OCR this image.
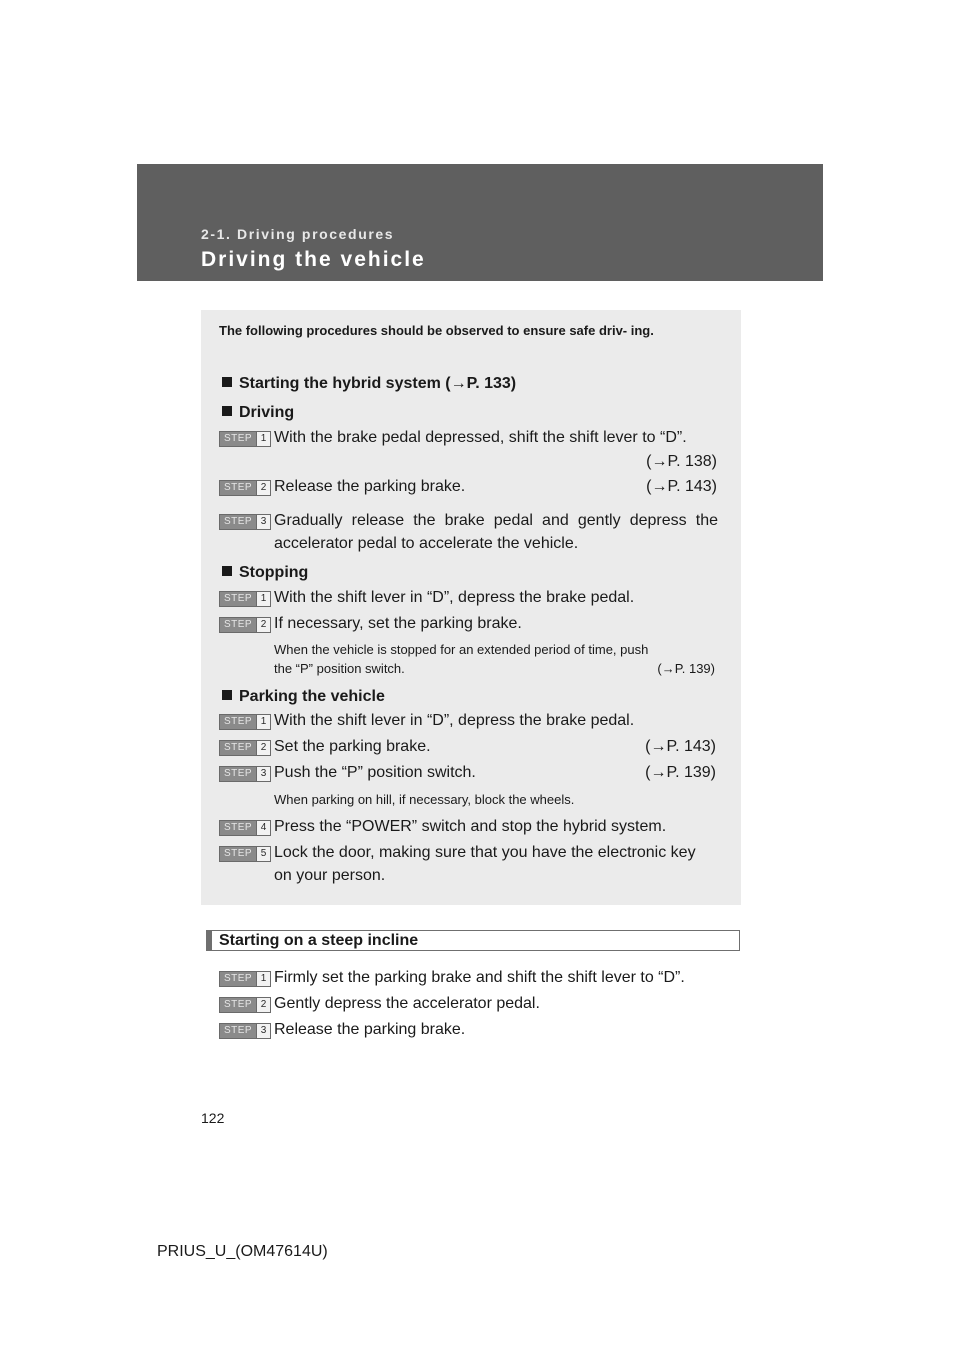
2-1. Driving procedures
Driving the vehicle
The following procedures should be observed to ensure safe driv- ing.
Starting the hybrid system (→P. 133)
Driving
STEP 1 With the brake pedal depressed, shift the shift lever to “D”.
(→P. 138)
STEP 2 Release the parking brake.	(→P. 143)
STEP 3 Gradually release the brake pedal and gently depress the
accelerator pedal to accelerate the vehicle.
Stopping
STEP 1 With the shift lever in “D”, depress the brake pedal.
STEP 2 If necessary, set the parking brake.
When the vehicle is stopped for an extended period of time, push
the “P” position switch.	(→P. 139)
Parking the vehicle
STEP 1 With the shift lever in “D”, depress the brake pedal.
STEP 2 Set the parking brake.	(→P. 143)
STEP 3 Push the “P” position switch.	(→P. 139)
When parking on hill, if necessary, block the wheels.
STEP 4 Press the “POWER” switch and stop the hybrid system.
STEP 5 Lock the door, making sure that you have the electronic key
on your person.
Starting on a steep incline
STEP 1 Firmly set the parking brake and shift the shift lever to “D”.
STEP 2 Gently depress the accelerator pedal.
STEP 3 Release the parking brake.
122
PRIUS_U_(OM47614U)
